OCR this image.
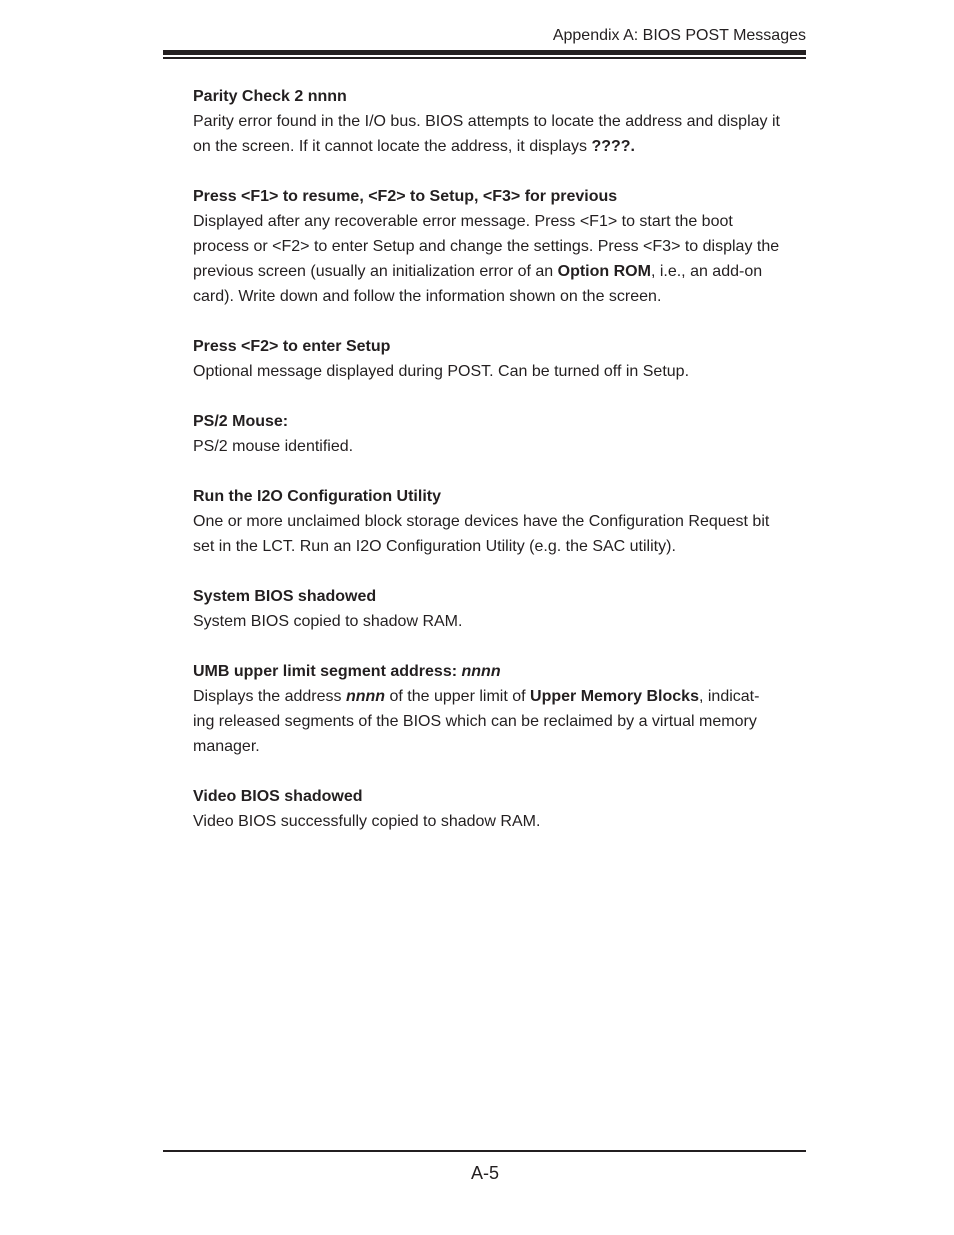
Appendix A: BIOS POST Messages
Parity Check 2 nnnn
Parity error found in the I/O bus. BIOS attempts to locate the address and display it
on the screen. If it cannot locate the address, it displays ????.
Press <F1> to resume, <F2> to Setup, <F3> for previous
Displayed after any recoverable error message. Press <F1> to start the boot
process or <F2> to enter Setup and change the settings. Press <F3> to display the
previous screen (usually an initialization error of an Option ROM, i.e., an add-on
card). Write down and follow the information shown on the screen.
Press <F2> to enter Setup
Optional message displayed during POST. Can be turned off in Setup.
PS/2 Mouse:
PS/2 mouse identified.
Run the I2O Configuration Utility
One or more unclaimed block storage devices have the Configuration Request bit
set in the LCT. Run an I2O Configuration Utility (e.g. the SAC utility).
System BIOS shadowed
System BIOS copied to shadow RAM.
UMB upper limit segment address: nnnn
Displays the address nnnn of the upper limit of Upper Memory Blocks, indicat-
ing released segments of the BIOS which can be reclaimed by a virtual memory
manager.
Video BIOS shadowed
Video BIOS successfully copied to shadow RAM.
A-5
